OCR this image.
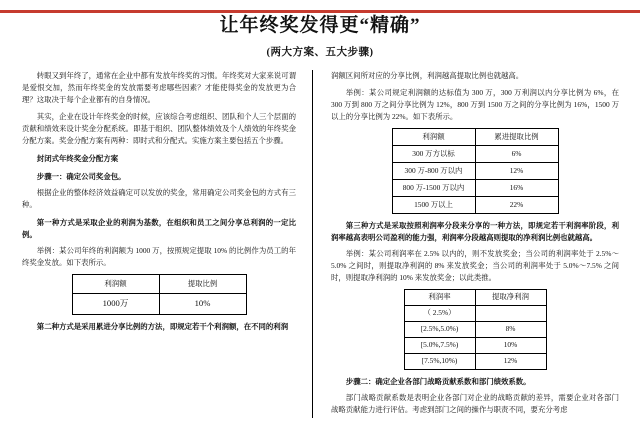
让年终奖发得更“精确”
(两大方案、五大步骤)

转眼又到年终了，通常在企业中都有发放年终奖的习惯。年终奖对大家来说可谓是爱恨交加，然而年终奖金的发放需要考虑哪些因素？才能使得奖金的发放更为合理？这取决于每个企业都有的自身情况。

其实，企业在设计年终奖金的时候，应该综合考虑组织、团队和个人三个层面的贡献和绩效来设计奖金分配系统。即基于组织、团队整体绩效及个人绩效的年终奖金分配方案。奖金分配方案有两种：即时式和分配式。实施方案主要包括五个步骤。

封闭式年终奖金分配方案

步骤一：确定公司奖金包。

根据企业的整体经济效益确定可以发放的奖金，常用确定公司奖金包的方式有三种。

第一种方式是采取企业的利润为基数，在组织和员工之间分享总利润的一定比例。

举例：某公司年终的利润额为 1000 万，按照规定提取 10% 的比例作为员工的年终奖金发放。如下表所示。

利润额	提取比例
1000万	10%

第二种方式是采用累进分享比例的方法，即规定若干个利润额，在不同的利润

润额区间所对应的分享比例，利润越高提取比例也就越高。

举例：某公司规定利润额的达标值为 300 万，300 万利润以内分享比例为 6%，在 300 万到 800 万之间分享比例为 12%，800 万到 1500 万之间的分享比例为 16%，1500 万以上的分享比例为 22%。如下表所示。

利润额	累进提取比例
300 万方以标	6%
300 万-800 万以内	12%
800 万-1500 万以内	16%
1500 万以上	22%

第三种方式是采取按照利润率分段来分享的一种方法，即规定若干利润率阶段，利润率越高表明公司盈利的能力强，利润率分段越高则提取的净利润比例也就越高。

举例：某公司利润率在 2.5% 以内的，则不发放奖金；当公司的利润率处于 2.5%～5.0% 之间时，则提取净利润的 8% 来发放奖金；当公司的利润率处于 5.0%～7.5% 之间时，则提取净利润的 10% 来发放奖金；以此类推。

利润率	提取净利润
（ 2.5%）	
[2.5%,5.0%)	8%
[5.0%,7.5%)	10%
[7.5%,10%)	12%

步骤二：确定企业各部门战略贡献系数和部门绩效系数。

部门战略贡献系数是表明企业各部门对企业的战略贡献的差异，需要企业对各部门战略贡献能力进行评估。考虑到部门之间的操作与职责不同，要充分考虑
